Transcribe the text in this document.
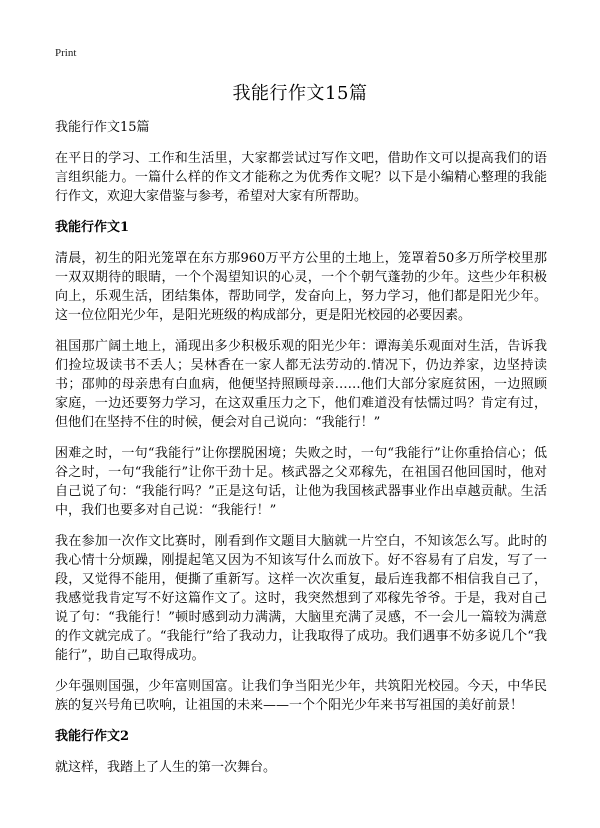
Print
我能行作文15篇

我能行作文15篇

在平日的学习、工作和生活里，大家都尝试过写作文吧，借助作文可以提高我们的语言组织能力。一篇什么样的作文才能称之为优秀作文呢？以下是小编精心整理的我能行作文，欢迎大家借鉴与参考，希望对大家有所帮助。

我能行作文1

清晨，初生的阳光笼罩在东方那960万平方公里的土地上，笼罩着50多万所学校里那一双双期待的眼睛，一个个渴望知识的心灵，一个个朝气蓬勃的少年。这些少年积极向上，乐观生活，团结集体，帮助同学，发奋向上，努力学习，他们都是阳光少年。这一位位阳光少年，是阳光班级的构成部分，更是阳光校园的必要因素。

祖国那广阔土地上，涌现出多少积极乐观的阳光少年：谭海美乐观面对生活，告诉我们捡垃圾读书不丢人；吴林香在一家人都无法劳动的.情况下，仍边养家，边坚持读书；邵帅的母亲患有白血病，他便坚持照顾母亲……他们大部分家庭贫困，一边照顾家庭，一边还要努力学习，在这双重压力之下，他们难道没有怯懦过吗？肯定有过，但他们在坚持不住的时候，便会对自己说向：“我能行！”

困难之时，一句“我能行”让你摆脱困境；失败之时，一句“我能行”让你重拾信心；低谷之时，一句“我能行”让你干劲十足。核武器之父邓稼先，在祖国召他回国时，他对自己说了句：“我能行吗？”正是这句话，让他为我国核武器事业作出卓越贡献。生活中，我们也要多对自己说：“我能行！”

我在参加一次作文比赛时，刚看到作文题目大脑就一片空白，不知该怎么写。此时的我心情十分烦躁，刚提起笔又因为不知该写什么而放下。好不容易有了启发，写了一段，又觉得不能用，便撕了重新写。这样一次次重复，最后连我都不相信我自己了，我感觉我肯定写不好这篇作文了。这时，我突然想到了邓稼先爷爷。于是，我对自己说了句：“我能行！”顿时感到动力满满，大脑里充满了灵感，不一会儿一篇较为满意的作文就完成了。“我能行”给了我动力，让我取得了成功。我们遇事不妨多说几个“我能行”，助自己取得成功。

少年强则国强，少年富则国富。让我们争当阳光少年，共筑阳光校园。今天，中华民族的复兴号角已吹响，让祖国的未来——一个个阳光少年来书写祖国的美好前景！

我能行作文2

就这样，我踏上了人生的第一次舞台。
